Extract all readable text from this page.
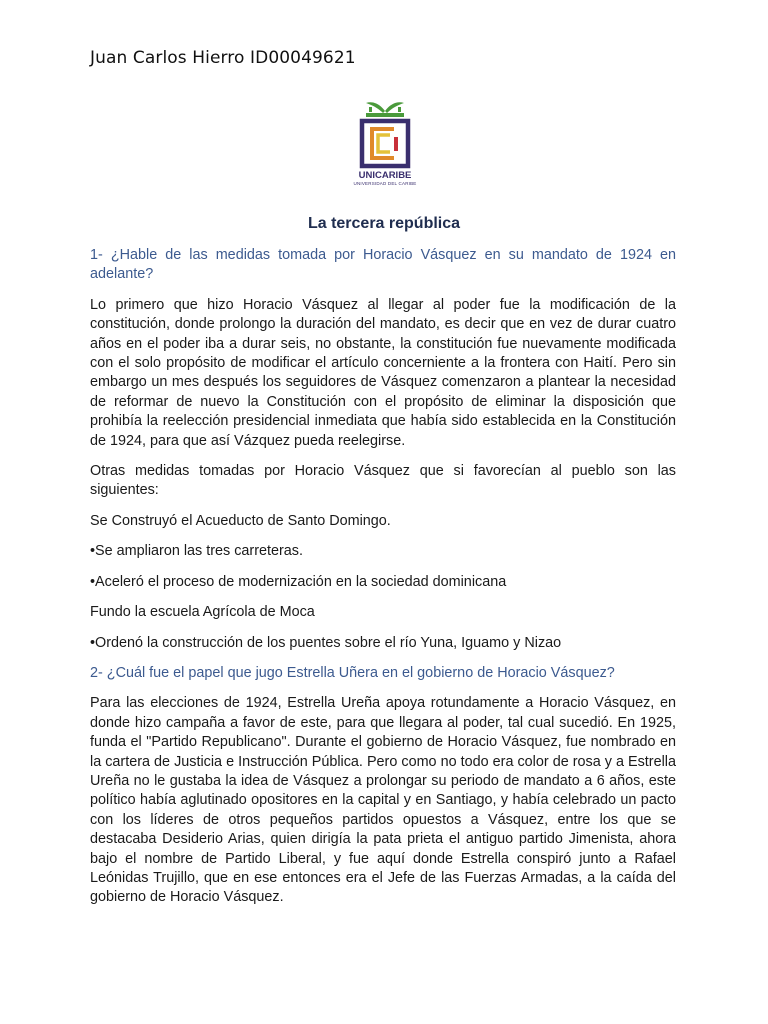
Juan Carlos Hierro ID00049621
UNICARIBE
UNIVERSIDAD DEL CARIBE
La tercera república

1- ¿Hable de las medidas tomada por Horacio Vásquez en su mandato de 1924 en adelante?

Lo primero que hizo Horacio Vásquez al llegar al poder fue la modificación de la constitución, donde prolongo la duración del mandato, es decir que en vez de durar cuatro años en el poder iba a durar seis, no obstante, la constitución fue nuevamente modificada con el solo propósito de modificar el artículo concerniente a la frontera con Haití. Pero sin embargo un mes después los seguidores de Vásquez comenzaron a plantear la necesidad de reformar de nuevo la Constitución con el propósito de eliminar la disposición que prohibía la reelección presidencial inmediata que había sido establecida en la Constitución de 1924, para que así Vázquez pueda reelegirse.

Otras medidas tomadas por Horacio Vásquez que si favorecían al pueblo son las siguientes:

Se Construyó el Acueducto de Santo Domingo.
•Se ampliaron las tres carreteras.
•Aceleró el proceso de modernización en la sociedad dominicana
Fundo la escuela Agrícola de Moca
•Ordenó la construcción de los puentes sobre el río Yuna, Iguamo y Nizao

2- ¿Cuál fue el papel que jugo Estrella Uñera en el gobierno de Horacio Vásquez?

Para las elecciones de 1924, Estrella Ureña apoya rotundamente a Horacio Vásquez, en donde hizo campaña a favor de este, para que llegara al poder, tal cual sucedió. En 1925, funda el "Partido Republicano". Durante el gobierno de Horacio Vásquez, fue nombrado en la cartera de Justicia e Instrucción Pública. Pero como no todo era color de rosa y a Estrella Ureña no le gustaba la idea de Vásquez a prolongar su periodo de mandato a 6 años, este político había aglutinado opositores en la capital y en Santiago, y había celebrado un pacto con los líderes de otros pequeños partidos opuestos a Vásquez, entre los que se destacaba Desiderio Arias, quien dirigía la pata prieta el antiguo partido Jimenista, ahora bajo el nombre de Partido Liberal, y fue aquí donde Estrella conspiró junto a Rafael Leónidas Trujillo, que en ese entonces era el Jefe de las Fuerzas Armadas, a la caída del gobierno de Horacio Vásquez.
